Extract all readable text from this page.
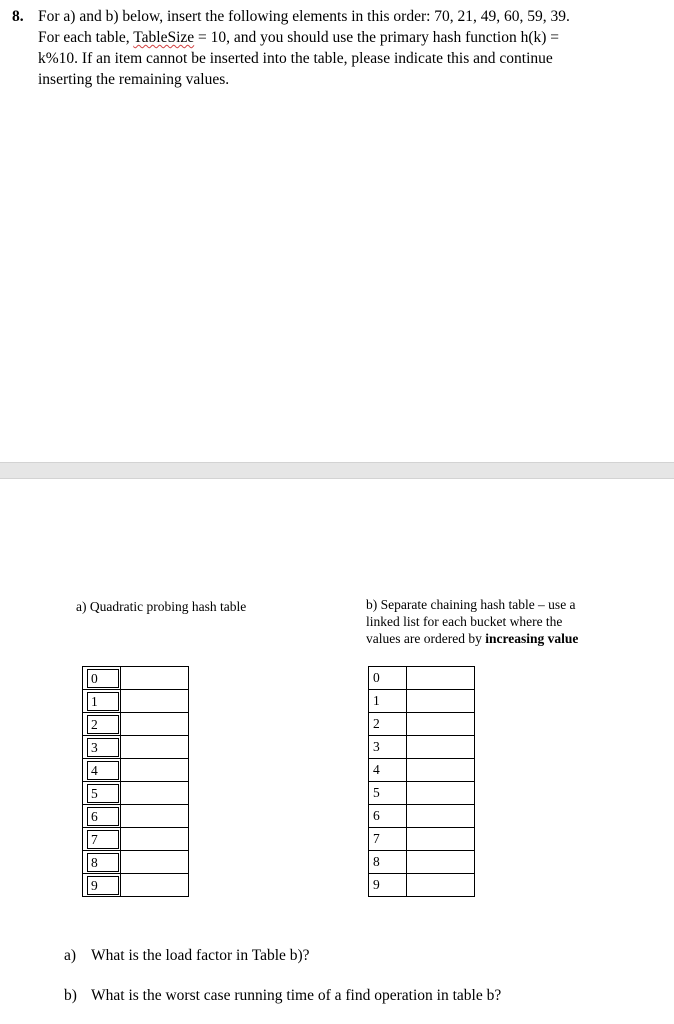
8. For a) and b) below, insert the following elements in this order: 70, 21, 49, 60, 59, 39.
For each table, TableSize = 10, and you should use the primary hash function h(k) =
k%10. If an item cannot be inserted into the table, please indicate this and continue
inserting the remaining values.
a) Quadratic probing hash table	b) Separate chaining hash table – use a
linked list for each bucket where the
values are ordered by increasing value
0	
1	
2	
3	
4	
5	
6	
7	
8	
9	
0	
1	
2	
3	
4	
5	
6	
7	
8	
9	
a) What is the load factor in Table b)?
b) What is the worst case running time of a find operation in table b?
